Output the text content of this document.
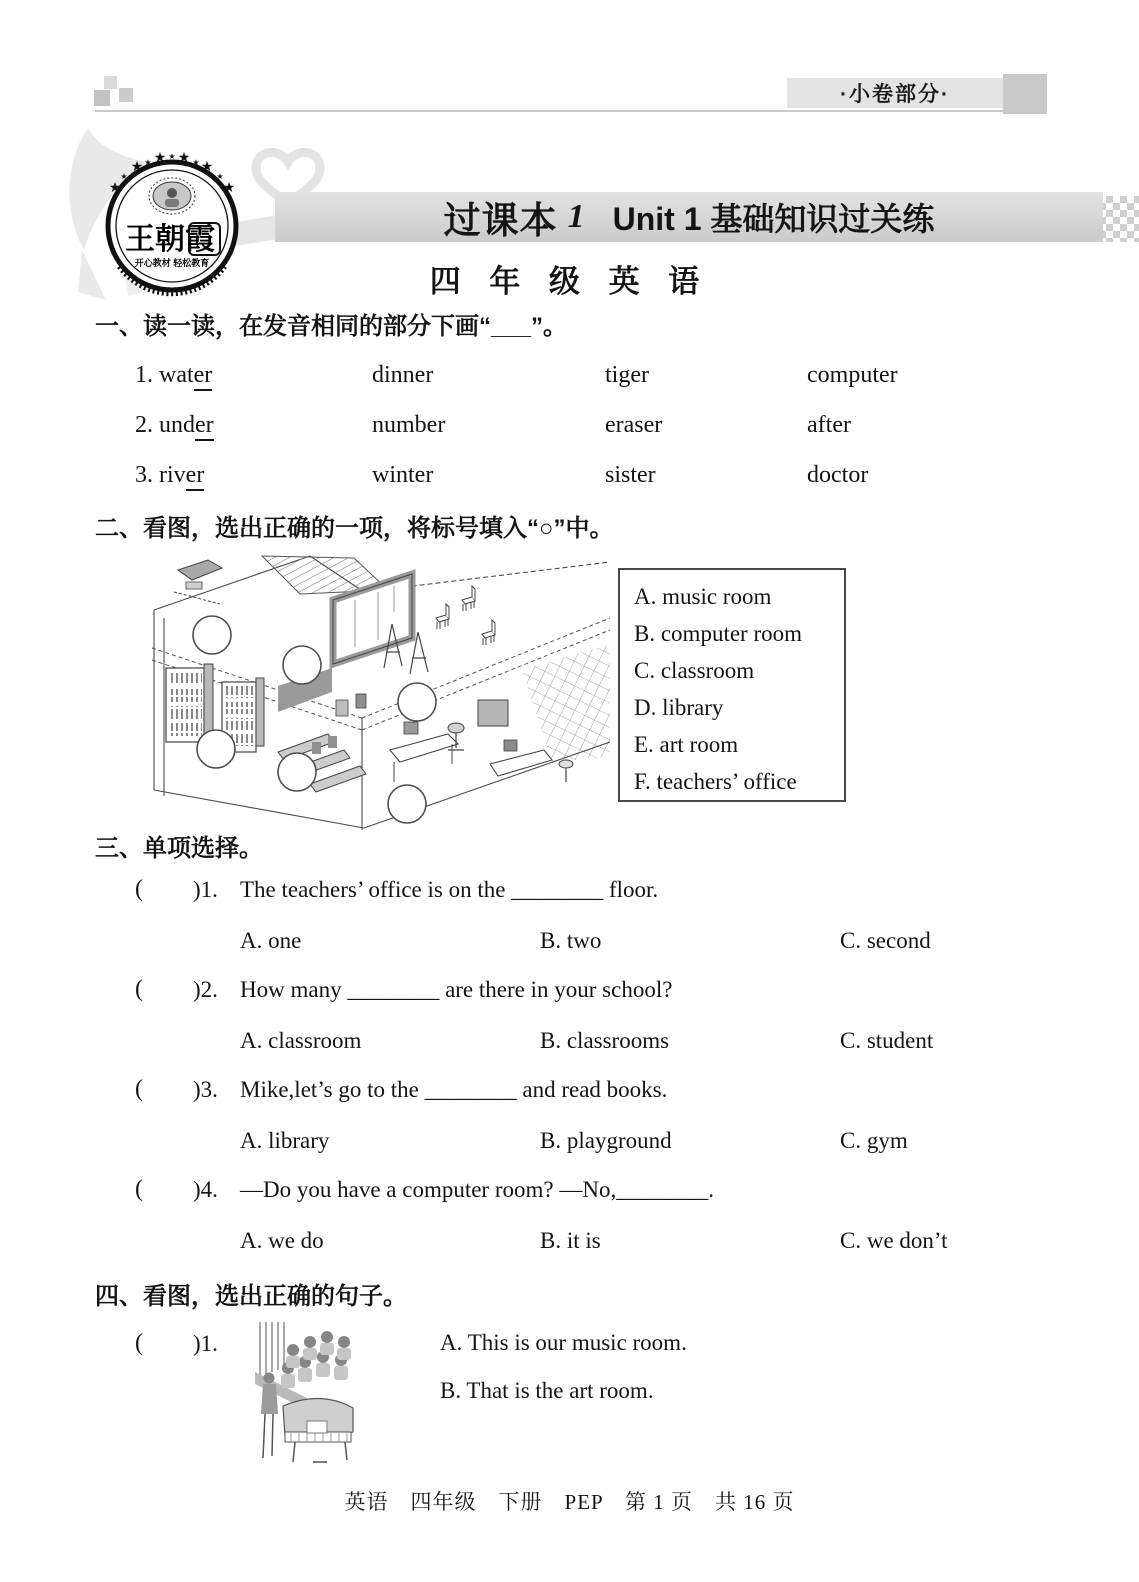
·小卷部分·
★
★
★
★
★
★
★
★
★
★
★
王朝霞
开心教材 轻松教育
过课本 1 Unit 1 基础知识过关练
四 年 级 英 语
一、读一读，在发音相同的部分下画“___”。
1. water	dinner	tiger	computer
2. under	number	eraser	after
3. river	winter	sister	doctor
二、看图，选出正确的一项，将标号填入“○”中。
A. music room
B. computer room
C. classroom
D. library
E. art room
F. teachers’ office
三、单项选择。
( )1. The teachers’ office is on the ________ floor.
A. one	B. two	C. second
( )2. How many ________ are there in your school?
A. classroom	B. classrooms	C. student
( )3. Mike,let’s go to the ________ and read books.
A. library	B. playground	C. gym
( )4. —Do you have a computer room? —No,________.
A. we do	B. it is	C. we don’t
四、看图，选出正确的句子。
( )1.	A. This is our music room.
B. That is the art room.
英语　四年级　下册　PEP　第 1 页　共 16 页
